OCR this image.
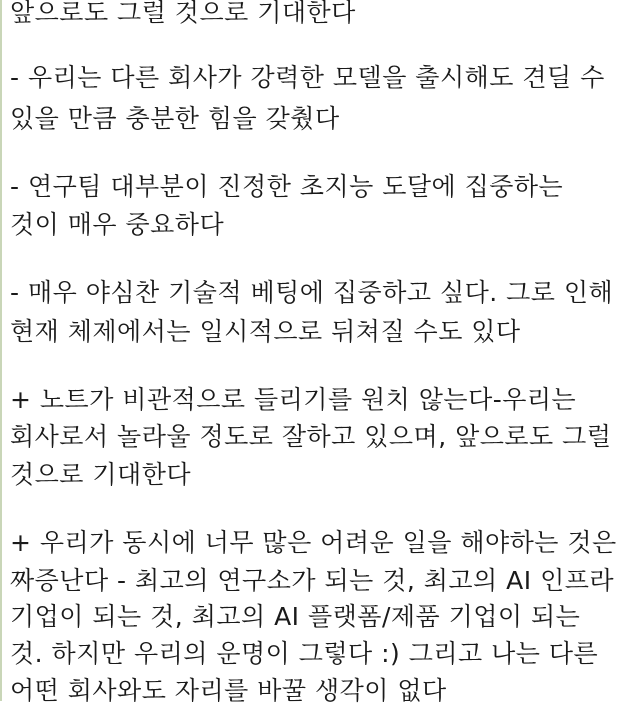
앞으로도 그럴 것으로 기대한다
- 우리는 다른 회사가 강력한 모델을 출시해도 견딜 수
있을 만큼 충분한 힘을 갖췄다
- 연구팀 대부분이 진정한 초지능 도달에 집중하는
것이 매우 중요하다
- 매우 야심찬 기술적 베팅에 집중하고 싶다. 그로 인해
현재 체제에서는 일시적으로 뒤쳐질 수도 있다
+ 노트가 비관적으로 들리기를 원치 않는다-우리는
회사로서 놀라울 정도로 잘하고 있으며, 앞으로도 그럴
것으로 기대한다
+ 우리가 동시에 너무 많은 어려운 일을 해야하는 것은
짜증난다 - 최고의 연구소가 되는 것, 최고의 AI 인프라
기업이 되는 것, 최고의 AI 플랫폼/제품 기업이 되는
것. 하지만 우리의 운명이 그렇다 :) 그리고 나는 다른
어떤 회사와도 자리를 바꿀 생각이 없다
